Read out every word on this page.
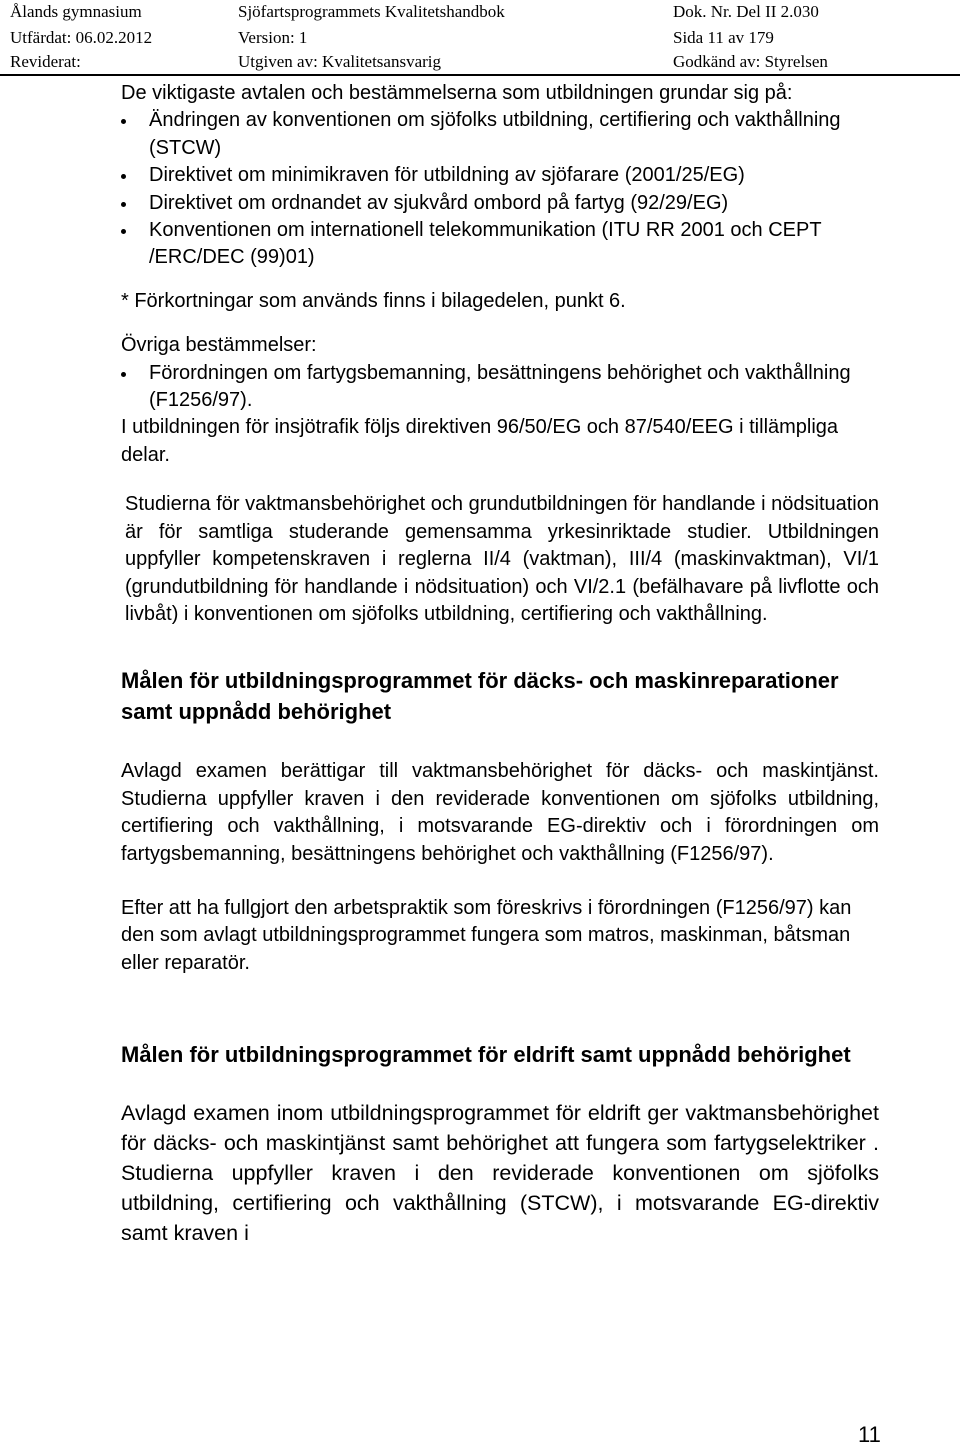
Ålands gymnasium	Sjöfartsprogrammets Kvalitetshandbok	Dok. Nr. Del II 2.030
Utfärdat: 06.02.2012	Version: 1	Sida 11 av 179
Reviderat:	Utgiven av: Kvalitetsansvarig	Godkänd av: Styrelsen

De viktigaste avtalen och bestämmelserna som utbildningen grundar sig på:

Ändringen av konventionen om sjöfolks utbildning, certifiering och vakthållning (STCW)
Direktivet om minimikraven för utbildning av sjöfarare (2001/25/EG)
Direktivet om ordnandet av sjukvård ombord på fartyg (92/29/EG)
Konventionen om internationell telekommunikation (ITU RR 2001 och CEPT /ERC/DEC (99)01)

* Förkortningar som används finns i bilagedelen, punkt 6.

Övriga bestämmelser:

Förordningen om fartygsbemanning, besättningens behörighet och vakthållning (F1256/97).

I utbildningen för insjötrafik följs direktiven 96/50/EG och 87/540/EEG i tillämpliga delar.

Studierna för vaktmansbehörighet och grundutbildningen för handlande i nödsituation är för samtliga studerande gemensamma yrkesinriktade studier. Utbildningen uppfyller kompetenskraven i reglerna II/4 (vaktman), III/4 (maskinvaktman), VI/1 (grundutbildning för handlande i nödsituation) och VI/2.1 (befälhavare på livflotte och livbåt) i konventionen om sjöfolks utbildning, certifiering och vakthållning.

Målen för utbildningsprogrammet för däcks- och maskinreparationer samt uppnådd behörighet

Avlagd examen berättigar till vaktmansbehörighet för däcks- och maskintjänst. Studierna uppfyller kraven i den reviderade konventionen om sjöfolks utbildning, certifiering och vakthållning, i motsvarande EG-direktiv och i förordningen om fartygsbemanning, besättningens behörighet och vakthållning (F1256/97).

Efter att ha fullgjort den arbetspraktik som föreskrivs i förordningen (F1256/97) kan den som avlagt utbildningsprogrammet fungera som matros, maskinman, båtsman eller reparatör.

Målen för utbildningsprogrammet för eldrift samt uppnådd behörighet

Avlagd examen inom utbildningsprogrammet för eldrift ger vaktmansbehörighet för däcks- och maskintjänst samt behörighet att fungera som fartygselektriker . Studierna uppfyller kraven i den reviderade konventionen om sjöfolks utbildning, certifiering och vakthållning (STCW), i motsvarande EG-direktiv samt kraven i

11
